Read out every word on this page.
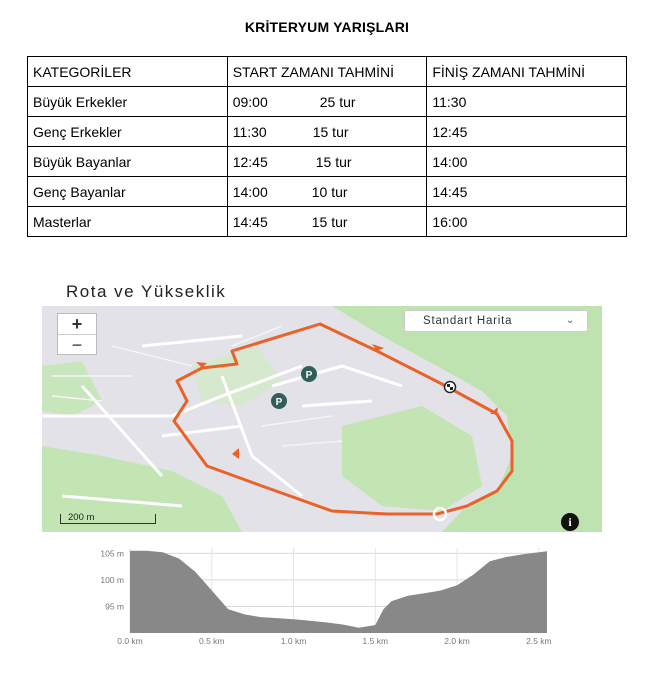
KRİTERYUM YARIŞLARI
KATEGORİLER	START ZAMANI TAHMİNİ	FİNİŞ ZAMANI TAHMİNİ
Büyük Erkekler	09:00 25 tur	11:30
Genç Erkekler	11:30 15 tur	12:45
Büyük Bayanlar	12:45 15 tur	14:00
Genç Bayanlar	14:00 10 tur	14:45
Masterlar	14:45 15 tur	16:00
Rota ve Yükseklik
P
P
+
−
Standart Harita	⌄
200 m	i
105 m
100 m
95 m
0.0 km	0.5 km	1.0 km	1.5 km	2.0 km	2.5 km
